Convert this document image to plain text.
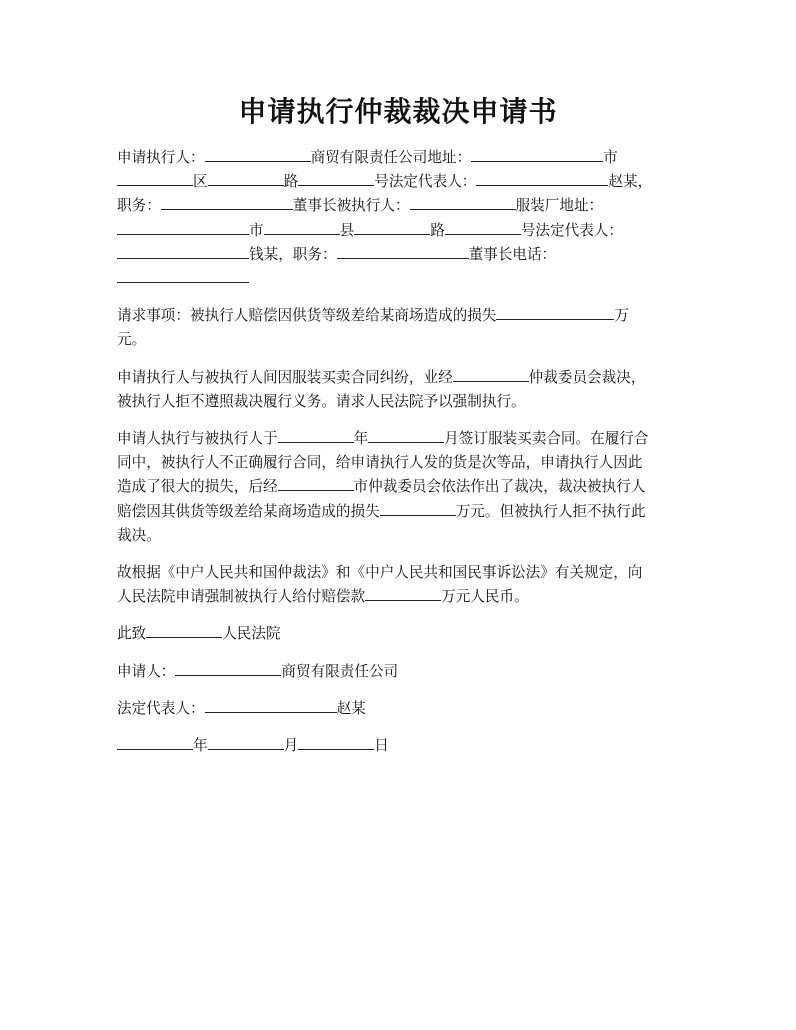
申请执行仲裁裁决申请书
申请执行人：	商贸有限责任公司地址：	市
区	路	号法定代表人：	赵某，
职务：	董事长被执行人：	服装厂地址：
市	县	路	号法定代表人：
钱某，职务：	董事长电话：
请求事项：被执行人赔偿因供货等级差给某商场造成的损失	万
元。
申请执行人与被执行人间因服装买卖合同纠纷，业经	仲裁委员会裁决，
被执行人拒不遵照裁决履行义务。请求人民法院予以强制执行。
申请人执行与被执行人于	年	月签订服装买卖合同。在履行合
同中，被执行人不正确履行合同，给申请执行人发的货是次等品，申请执行人因此
造成了很大的损失，后经	市仲裁委员会依法作出了裁决，裁决被执行人
赔偿因其供货等级差给某商场造成的损失	万元。但被执行人拒不执行此
裁决。
故根据《中户人民共和国仲裁法》和《中户人民共和国民事诉讼法》有关规定，向
人民法院申请强制被执行人给付赔偿款	万元人民币。
此致	人民法院
申请人：	商贸有限责任公司
法定代表人：	赵某
年	月	日
